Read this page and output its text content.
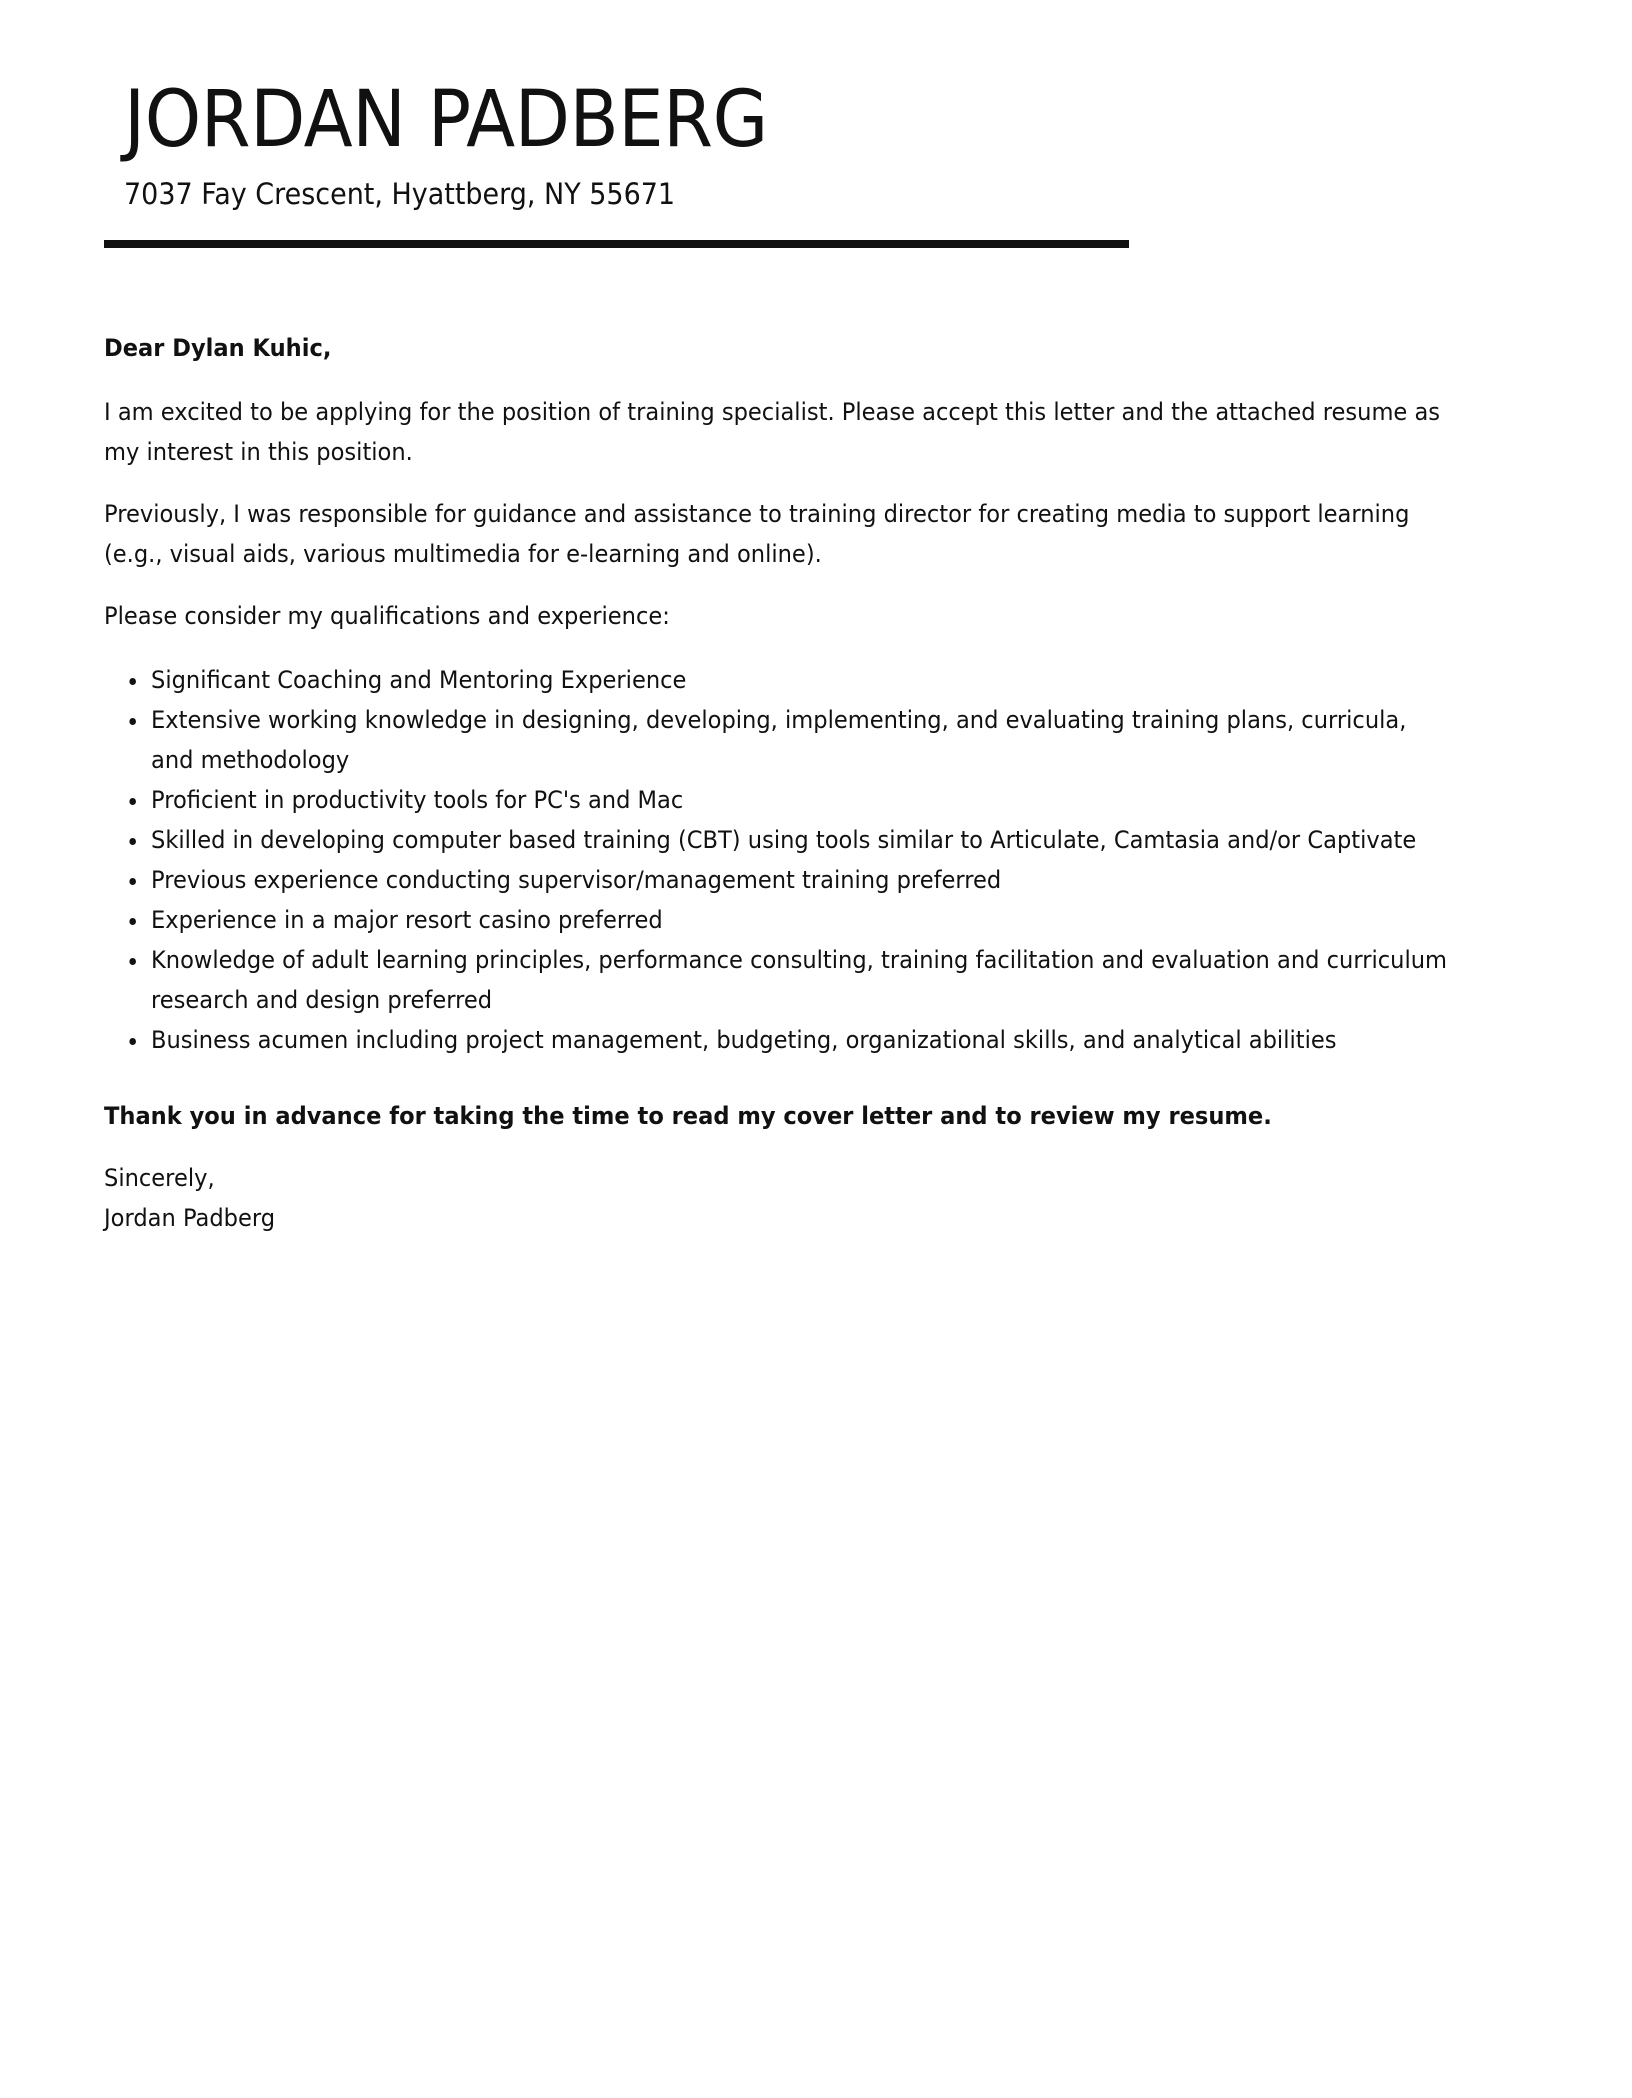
JORDAN PADBERG
7037 Fay Crescent, Hyattberg, NY 55671

Dear Dylan Kuhic,

I am excited to be applying for the position of training specialist. Please accept this letter and the attached resume as my interest in this position.

Previously, I was responsible for guidance and assistance to training director for creating media to support learning (e.g., visual aids, various multimedia for e-learning and online).

Please consider my qualifications and experience:

• Significant Coaching and Mentoring Experience
• Extensive working knowledge in designing, developing, implementing, and evaluating training plans, curricula, and methodology
• Proficient in productivity tools for PC's and Mac
• Skilled in developing computer based training (CBT) using tools similar to Articulate, Camtasia and/or Captivate
• Previous experience conducting supervisor/management training preferred
• Experience in a major resort casino preferred
• Knowledge of adult learning principles, performance consulting, training facilitation and evaluation and curriculum research and design preferred
• Business acumen including project management, budgeting, organizational skills, and analytical abilities

Thank you in advance for taking the time to read my cover letter and to review my resume.

Sincerely,
Jordan Padberg
